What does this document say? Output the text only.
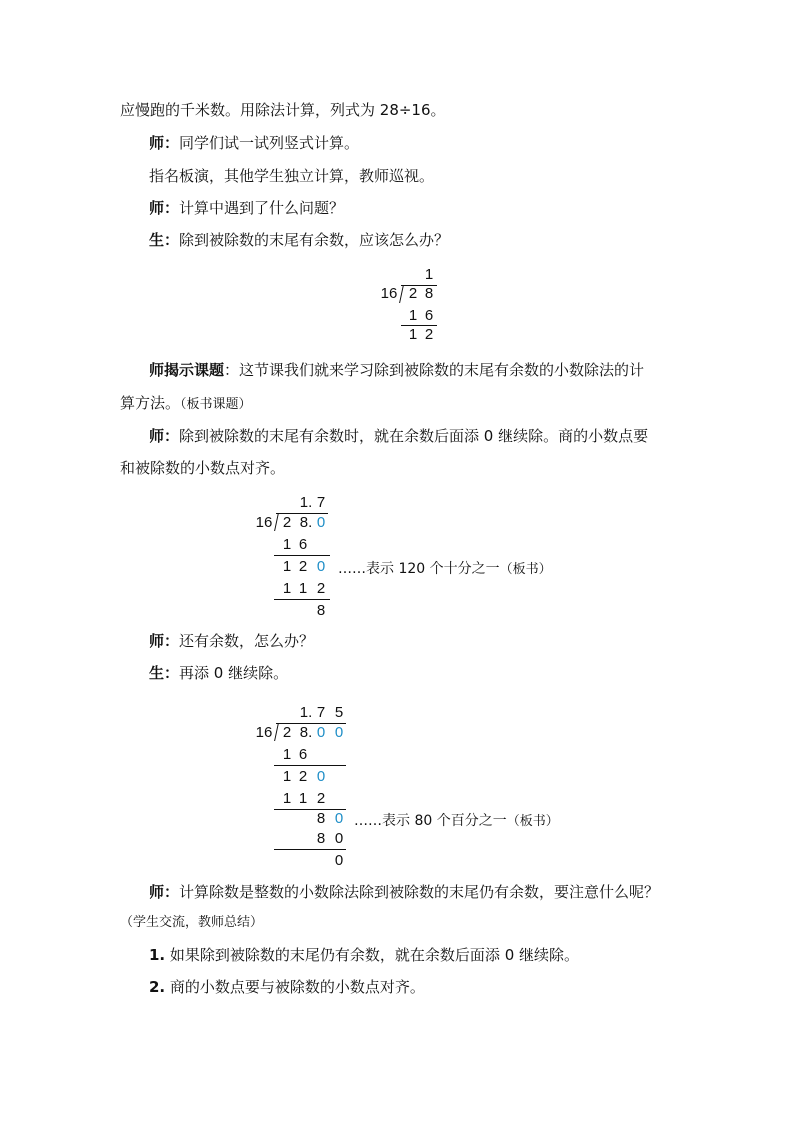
应慢跑的千米数。用除法计算，列式为 28÷16。
师：同学们试一试列竖式计算。
指名板演，其他学生独立计算，教师巡视。
师：计算中遇到了什么问题？
生：除到被除数的末尾有余数，应该怎么办？
1
16 2 8
1 6
1 2
师揭示课题：这节课我们就来学习除到被除数的末尾有余数的小数除法的计
算方法。（板书课题）
师：除到被除数的末尾有余数时，就在余数后面添 0 继续除。商的小数点要
和被除数的小数点对齐。
1. 7
16 2 8. 0
1 6
1 2 0 ……表示 120 个十分之一（板书）
1 1 2
8
师：还有余数，怎么办？
生：再添 0 继续除。
1. 7 5
16 2 8. 0 0
1 6
1 2 0
1 1 2
8 0 ……表示 80 个百分之一（板书）
8 0
0
师：计算除数是整数的小数除法除到被除数的末尾仍有余数，要注意什么呢？
（学生交流，教师总结）
1. 如果除到被除数的末尾仍有余数，就在余数后面添 0 继续除。
2. 商的小数点要与被除数的小数点对齐。
